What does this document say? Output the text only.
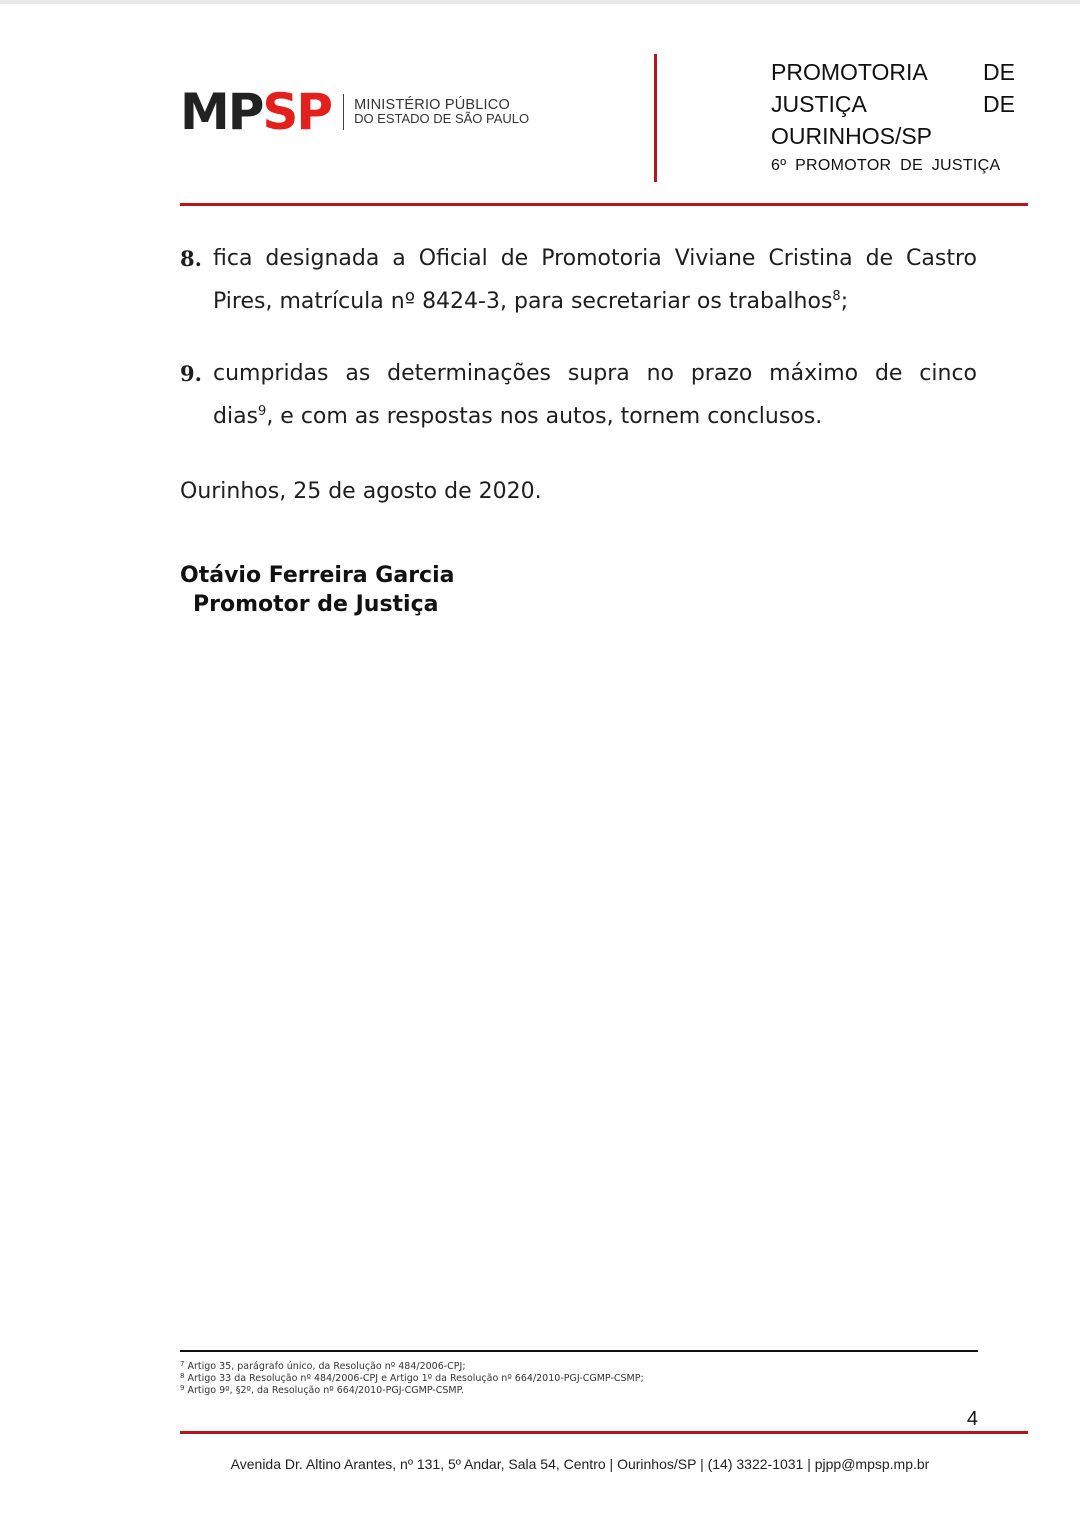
MP SP MINISTÉRIO PÚBLICO
DO ESTADO DE SÃO PAULO
PROMOTORIA DE
JUSTIÇA DE
OURINHOS/SP
6º PROMOTOR DE JUSTIÇA
8. fica designada a Oficial de Promotoria Viviane Cristina de Castro
Pires, matrícula nº 8424-3, para secretariar os trabalhos$^8$;
9. cumpridas as determinações supra no prazo máximo de cinco
dias$^9$, e com as respostas nos autos, tornem conclusos.
Ourinhos, 25 de agosto de 2020.
Otávio Ferreira Garcia
Promotor de Justiça
$^7$ Artigo 35, parágrafo único, da Resolução nº 484/2006-CPJ;
$^8$ Artigo 33 da Resolução nº 484/2006-CPJ e Artigo 1º da Resolução nº 664/2010-PGJ-CGMP-CSMP;
$^9$ Artigo 9º, §2º, da Resolução nº 664/2010-PGJ-CGMP-CSMP.
4
Avenida Dr. Altino Arantes, nº 131, 5º Andar, Sala 54, Centro | Ourinhos/SP | (14) 3322-1031 | pjpp@mpsp.mp.br
